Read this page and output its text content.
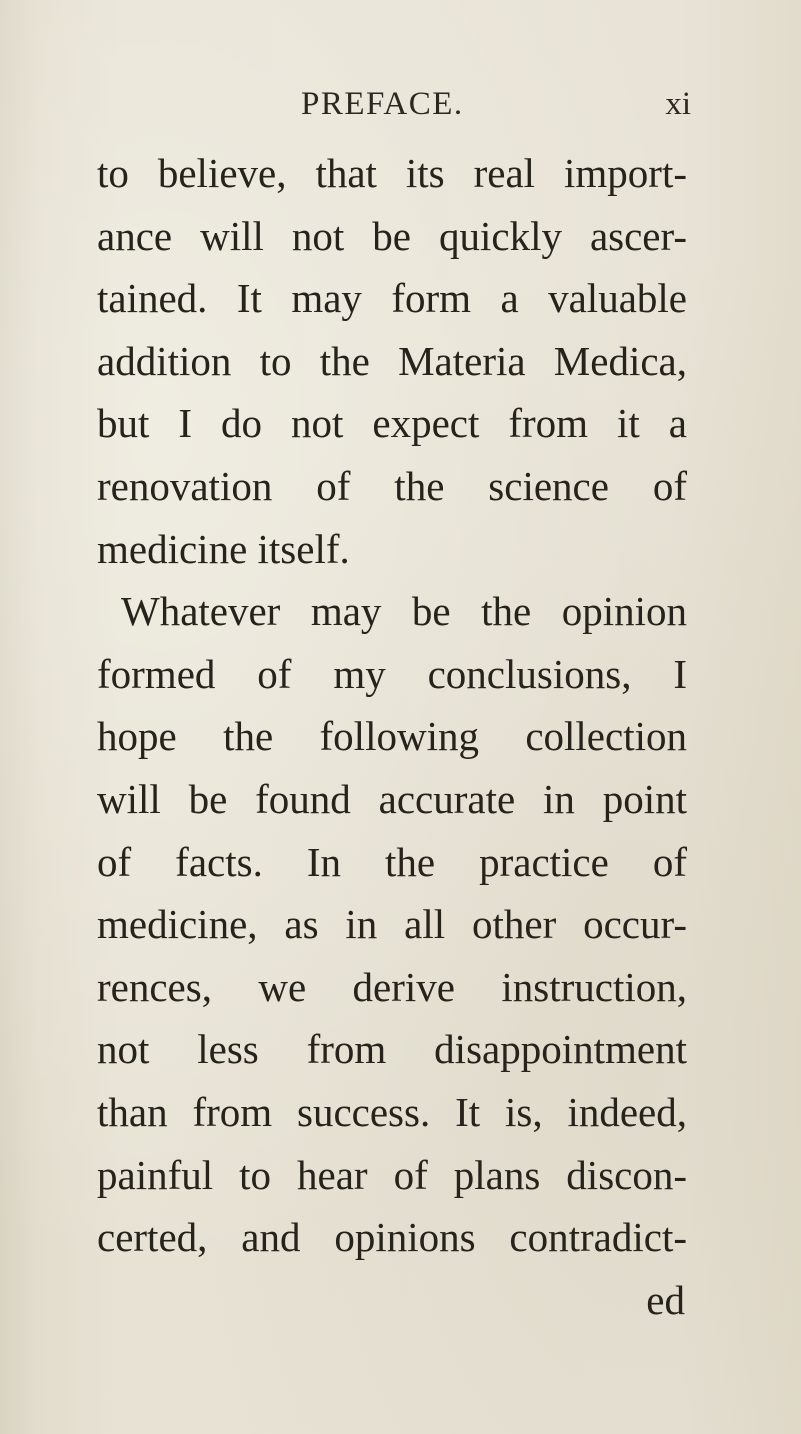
PREFACE.	xi
to believe, that its real import-
ance will not be quickly ascer-
tained. It may form a valuable
addition to the Materia Medica,
but I do not expect from it a
renovation of the science of
medicine itself.
Whatever may be the opinion
formed of my conclusions, I
hope the following collection
will be found accurate in point
of facts. In the practice of
medicine, as in all other occur-
rences, we derive instruction,
not less from disappointment
than from success. It is, indeed,
painful to hear of plans discon-
certed, and opinions contradict-
ed
